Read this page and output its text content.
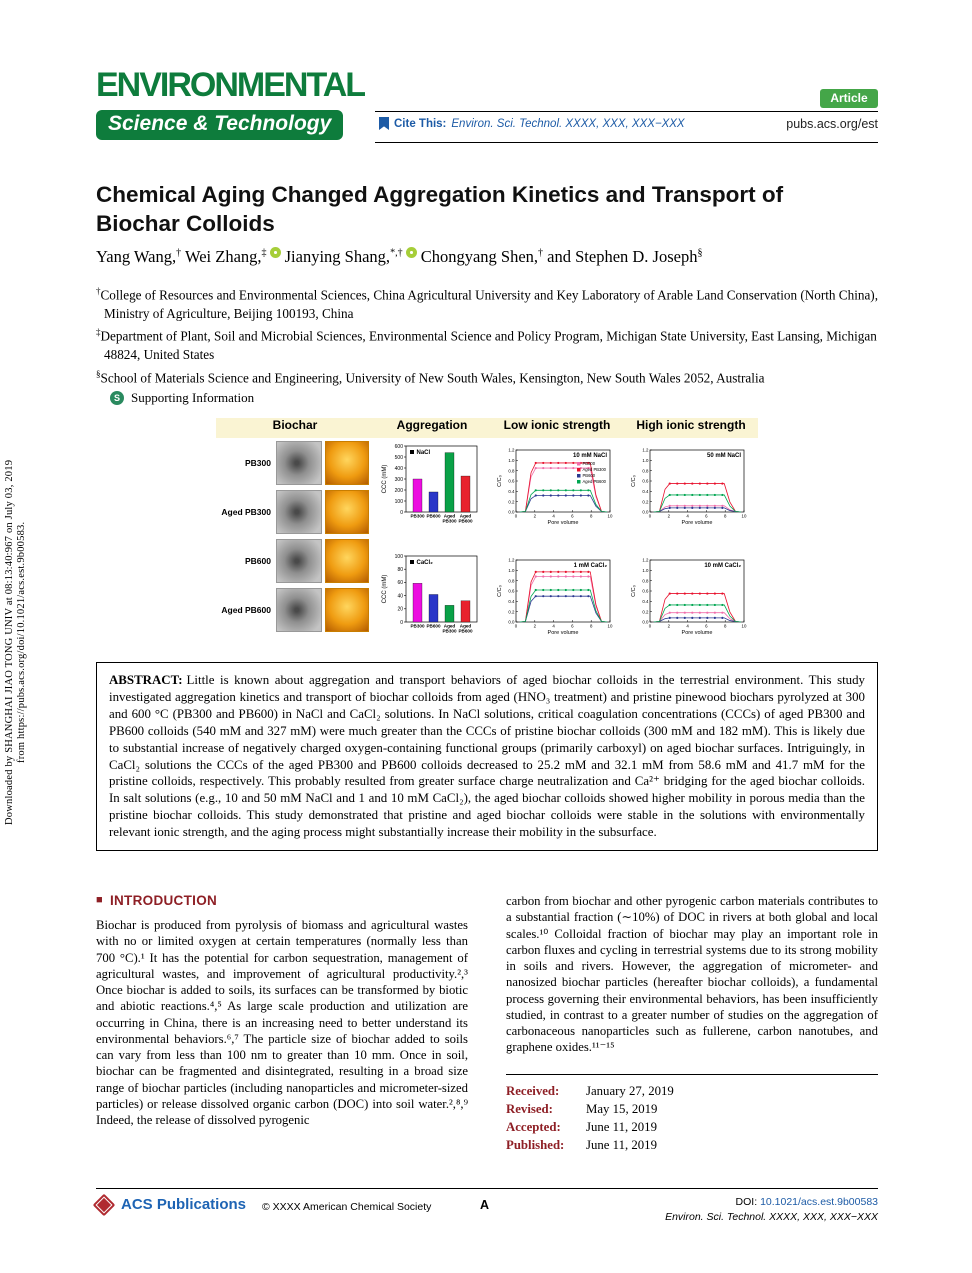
Downloaded by SHANGHAI JIAO TONG UNIV at 08:13:40:967 on July 03, 2019 from https://pubs.acs.org/doi/10.1021/acs.est.9b00583.
ENVIRONMENTAL
Science & Technology
Article
Cite This: Environ. Sci. Technol. XXXX, XXX, XXX−XXX	pubs.acs.org/est
Chemical Aging Changed Aggregation Kinetics and Transport of
Biochar Colloids
Yang Wang,† Wei Zhang,‡ Jianying Shang,*,† Chongyang Shen,† and Stephen D. Joseph§
†College of Resources and Environmental Sciences, China Agricultural University and Key Laboratory of Arable Land Conservation (North China), Ministry of Agriculture, Beijing 100193, China
‡Department of Plant, Soil and Microbial Sciences, Environmental Science and Policy Program, Michigan State University, East Lansing, Michigan 48824, United States
§School of Materials Science and Engineering, University of New South Wales, Kensington, New South Wales 2052, Australia
S Supporting Information
Biochar
PB300
Aged PB300
PB600
Aged PB600
Aggregation
0
100
200
300
400
500
600
CCC (mM)
PB300 PB600 Aged
PB300
Aged
PB600
NaCl
0
20
40
60
80
100
CCC (mM)
PB300 PB600 Aged
PB300
Aged
PB600
CaCl₂
Low ionic strength
0.0
0.2
0.4
0.6
0.8
1.0
1.2
0	2	4	6	8	10
10 mM NaCl
Pore volume
C/C₀
PB300
Aged PB300
PB600
Aged PB600
0.0
0.2
0.4
0.6
0.8
1.0
1.2
0	2	4	6	8	10
1 mM CaCl₂
Pore volume
C/C₀
High ionic strength
0.0
0.2
0.4
0.6
0.8
1.0
1.2
0	2	4	6	8	10
50 mM NaCl
Pore volume
C/C₀
0.0
0.2
0.4
0.6
0.8
1.0
1.2
0	2	4	6	8	10
10 mM CaCl₂
Pore volume
C/C₀
ABSTRACT: Little is known about aggregation and transport behaviors of aged biochar colloids in the terrestrial environment. This study investigated aggregation kinetics and transport of biochar colloids from aged (HNO₃ treatment) and pristine pinewood biochars pyrolyzed at 300 and 600 °C (PB300 and PB600) in NaCl and CaCl₂ solutions. In NaCl solutions, critical coagulation concentrations (CCCs) of aged PB300 and PB600 colloids (540 mM and 327 mM) were much greater than the CCCs of pristine biochar colloids (300 mM and 182 mM). This is likely due to substantial increase of negatively charged oxygen-containing functional groups (primarily carboxyl) on aged biochar surfaces. Intriguingly, in CaCl₂ solutions the CCCs of the aged PB300 and PB600 colloids decreased to 25.2 mM and 32.1 mM from 58.6 mM and 41.7 mM for the pristine colloids, respectively. This probably resulted from greater surface charge neutralization and Ca²⁺ bridging for the aged biochar colloids. In salt solutions (e.g., 10 and 50 mM NaCl and 1 and 10 mM CaCl₂), the aged biochar colloids showed higher mobility in porous media than the pristine biochar colloids. This study demonstrated that pristine and aged biochar colloids were stable in the solutions with environmentally relevant ionic strength, and the aging process might substantially increase their mobility in the subsurface.
■ INTRODUCTION

Biochar is produced from pyrolysis of biomass and agricultural wastes with no or limited oxygen at certain temperatures (normally less than 700 °C).¹ It has the potential for carbon sequestration, management of agricultural wastes, and improvement of agricultural productivity.²,³ Once biochar is added to soils, its surfaces can be transformed by biotic and abiotic reactions.⁴,⁵ As large scale production and utilization are occurring in China, there is an increasing need to better understand its environmental behaviors.⁶,⁷ The particle size of biochar added to soils can vary from less than 100 nm to greater than 10 mm. Once in soil, biochar can be fragmented and disintegrated, resulting in a broad size range of biochar particles (including nanoparticles and micrometer-sized particles) or release dissolved organic carbon (DOC) into soil water.²,⁸,⁹ Indeed, the release of dissolved pyrogenic

carbon from biochar and other pyrogenic carbon materials contributes to a substantial fraction (∼10%) of DOC in rivers at both global and local scales.¹⁰ Colloidal fraction of biochar may play an important role in carbon fluxes and cycling in terrestrial systems due to its strong mobility in soils and rivers. However, the aggregation of micrometer- and nanosized biochar particles (hereafter biochar colloids), a fundamental process governing their environmental behaviors, has been insufficiently studied, in contrast to a greater number of studies on the aggregation of carbonaceous nanoparticles such as fullerene, carbon nanotubes, and graphene oxides.¹¹⁻¹⁵

Received:	January 27, 2019
Revised:	May 15, 2019
Accepted:	June 11, 2019
Published:	June 11, 2019
ACS Publications © XXXX American Chemical Society	A	DOI: 10.1021/acs.est.9b00583
Environ. Sci. Technol. XXXX, XXX, XXX−XXX
